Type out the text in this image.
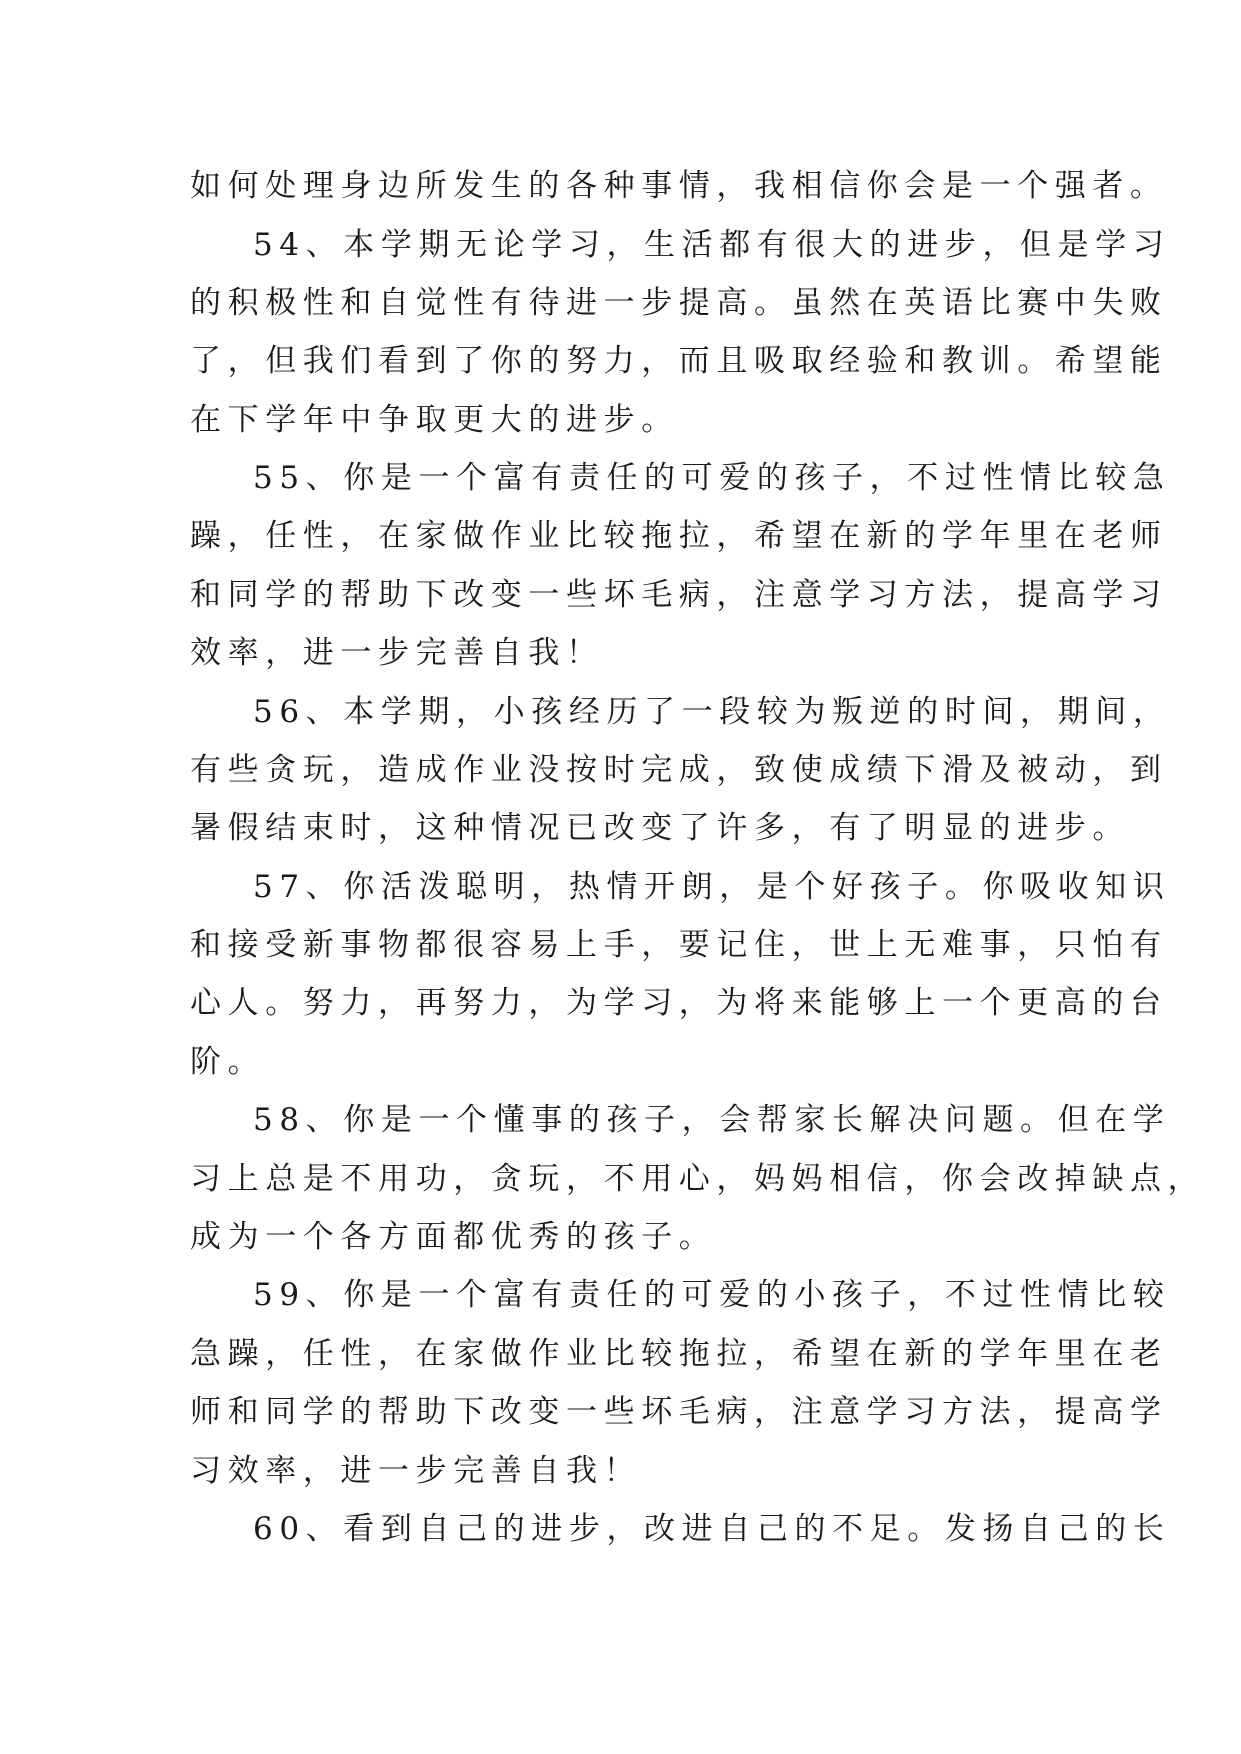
如何处理身边所发生的各种事情，我相信你会是一个强者。
54、本学期无论学习，生活都有很大的进步，但是学习
的积极性和自觉性有待进一步提高。虽然在英语比赛中失败
了，但我们看到了你的努力，而且吸取经验和教训。希望能
在下学年中争取更大的进步。
55、你是一个富有责任的可爱的孩子，不过性情比较急
躁，任性，在家做作业比较拖拉，希望在新的学年里在老师
和同学的帮助下改变一些坏毛病，注意学习方法，提高学习
效率，进一步完善自我！
56、本学期，小孩经历了一段较为叛逆的时间，期间，
有些贪玩，造成作业没按时完成，致使成绩下滑及被动，到
暑假结束时，这种情况已改变了许多，有了明显的进步。
57、你活泼聪明，热情开朗，是个好孩子。你吸收知识
和接受新事物都很容易上手，要记住，世上无难事，只怕有
心人。努力，再努力，为学习，为将来能够上一个更高的台
阶。
58、你是一个懂事的孩子，会帮家长解决问题。但在学
习上总是不用功，贪玩，不用心，妈妈相信，你会改掉缺点，
成为一个各方面都优秀的孩子。
59、你是一个富有责任的可爱的小孩子，不过性情比较
急躁，任性，在家做作业比较拖拉，希望在新的学年里在老
师和同学的帮助下改变一些坏毛病，注意学习方法，提高学
习效率，进一步完善自我！
60、看到自己的进步，改进自己的不足。发扬自己的长
